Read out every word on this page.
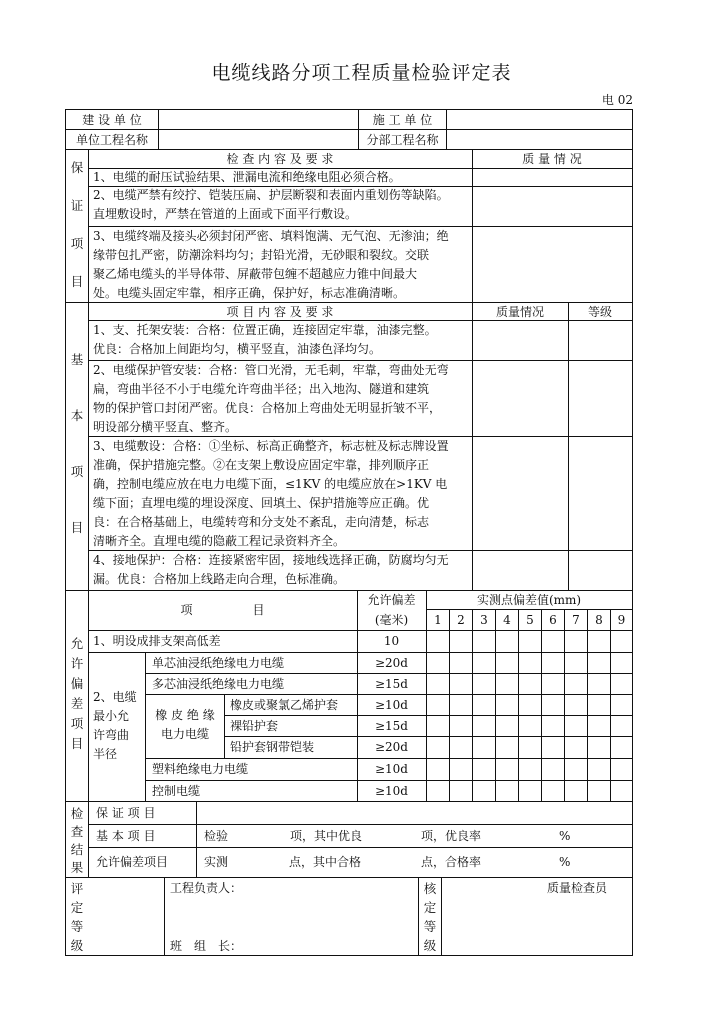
电缆线路分项工程质量检验评定表
电 02
建 设 单 位	施 工 单 位
单位工程名称	分部工程名称
保
证
项
目
检 查 内 容 及 要 求	质 量 情 况
1、电缆的耐压试验结果、泄漏电流和绝缘电阻必须合格。
2、电缆严禁有绞拧、铠装压扁、护层断裂和表面内重划伤等缺陷。
直埋敷设时，严禁在管道的上面或下面平行敷设。
3、电缆终端及接头必须封闭严密、填料饱满、无气泡、无渗油；绝
缘带包扎严密，防潮涂料均匀；封铅光滑，无砂眼和裂纹。交联
聚乙烯电缆头的半导体带、屏蔽带包缠不超越应力锥中间最大
处。电缆头固定牢靠，相序正确，保护好，标志准确清晰。
基
本
项
目
项 目 内 容 及 要 求	质量情况	等级
1、支、托架安装：合格：位置正确，连接固定牢靠，油漆完整。
优良：合格加上间距均匀，横平竖直，油漆色泽均匀。
2、电缆保护管安装：合格：管口光滑，无毛刺，牢靠，弯曲处无弯
扁，弯曲半径不小于电缆允许弯曲半径；出入地沟、隧道和建筑
物的保护管口封闭严密。优良：合格加上弯曲处无明显折皱不平，
明设部分横平竖直、整齐。
3、电缆敷设：合格：①坐标、标高正确整齐，标志桩及标志牌设置
准确，保护措施完整。②在支架上敷设应固定牢靠，排列顺序正
确，控制电缆应放在电力电缆下面，≤1KV 的电缆应放在>1KV 电
缆下面；直埋电缆的埋设深度、回填土、保护措施等应正确。优
良：在合格基础上，电缆转弯和分支处不紊乱，走向清楚，标志
清晰齐全。直埋电缆的隐蔽工程记录资料齐全。
4、接地保护：合格：连接紧密牢固，接地线选择正确，防腐均匀无
漏。优良：合格加上线路走向合理，色标准确。
允
许
偏
差
项
目
项　　　　　目
允许偏差
(毫米)
实测点偏差值(mm)
1	2	3	4	5	6	7	8	9
1、明设成排支架高低差	10
2、电缆
最小允
许弯曲
半径
橡 皮 绝 缘
电力电缆
单芯油浸纸绝缘电力电缆	≥20d
多芯油浸纸绝缘电力电缆	≥15d
橡皮或聚氯乙烯护套	≥10d
裸铅护套	≥15d
铅护套钢带铠装	≥20d
塑料绝缘电力电缆	≥10d
控制电缆	≥10d
检
查
结
果
保 证 项 目
基 本 项 目
允许偏差项目
检验	项，其中优良	项，优良率	%
实测	点，其中合格	点，合格率	%
评
定
等
级
工程负责人：
班　组　长：
核
定
等
级
质量检查员
